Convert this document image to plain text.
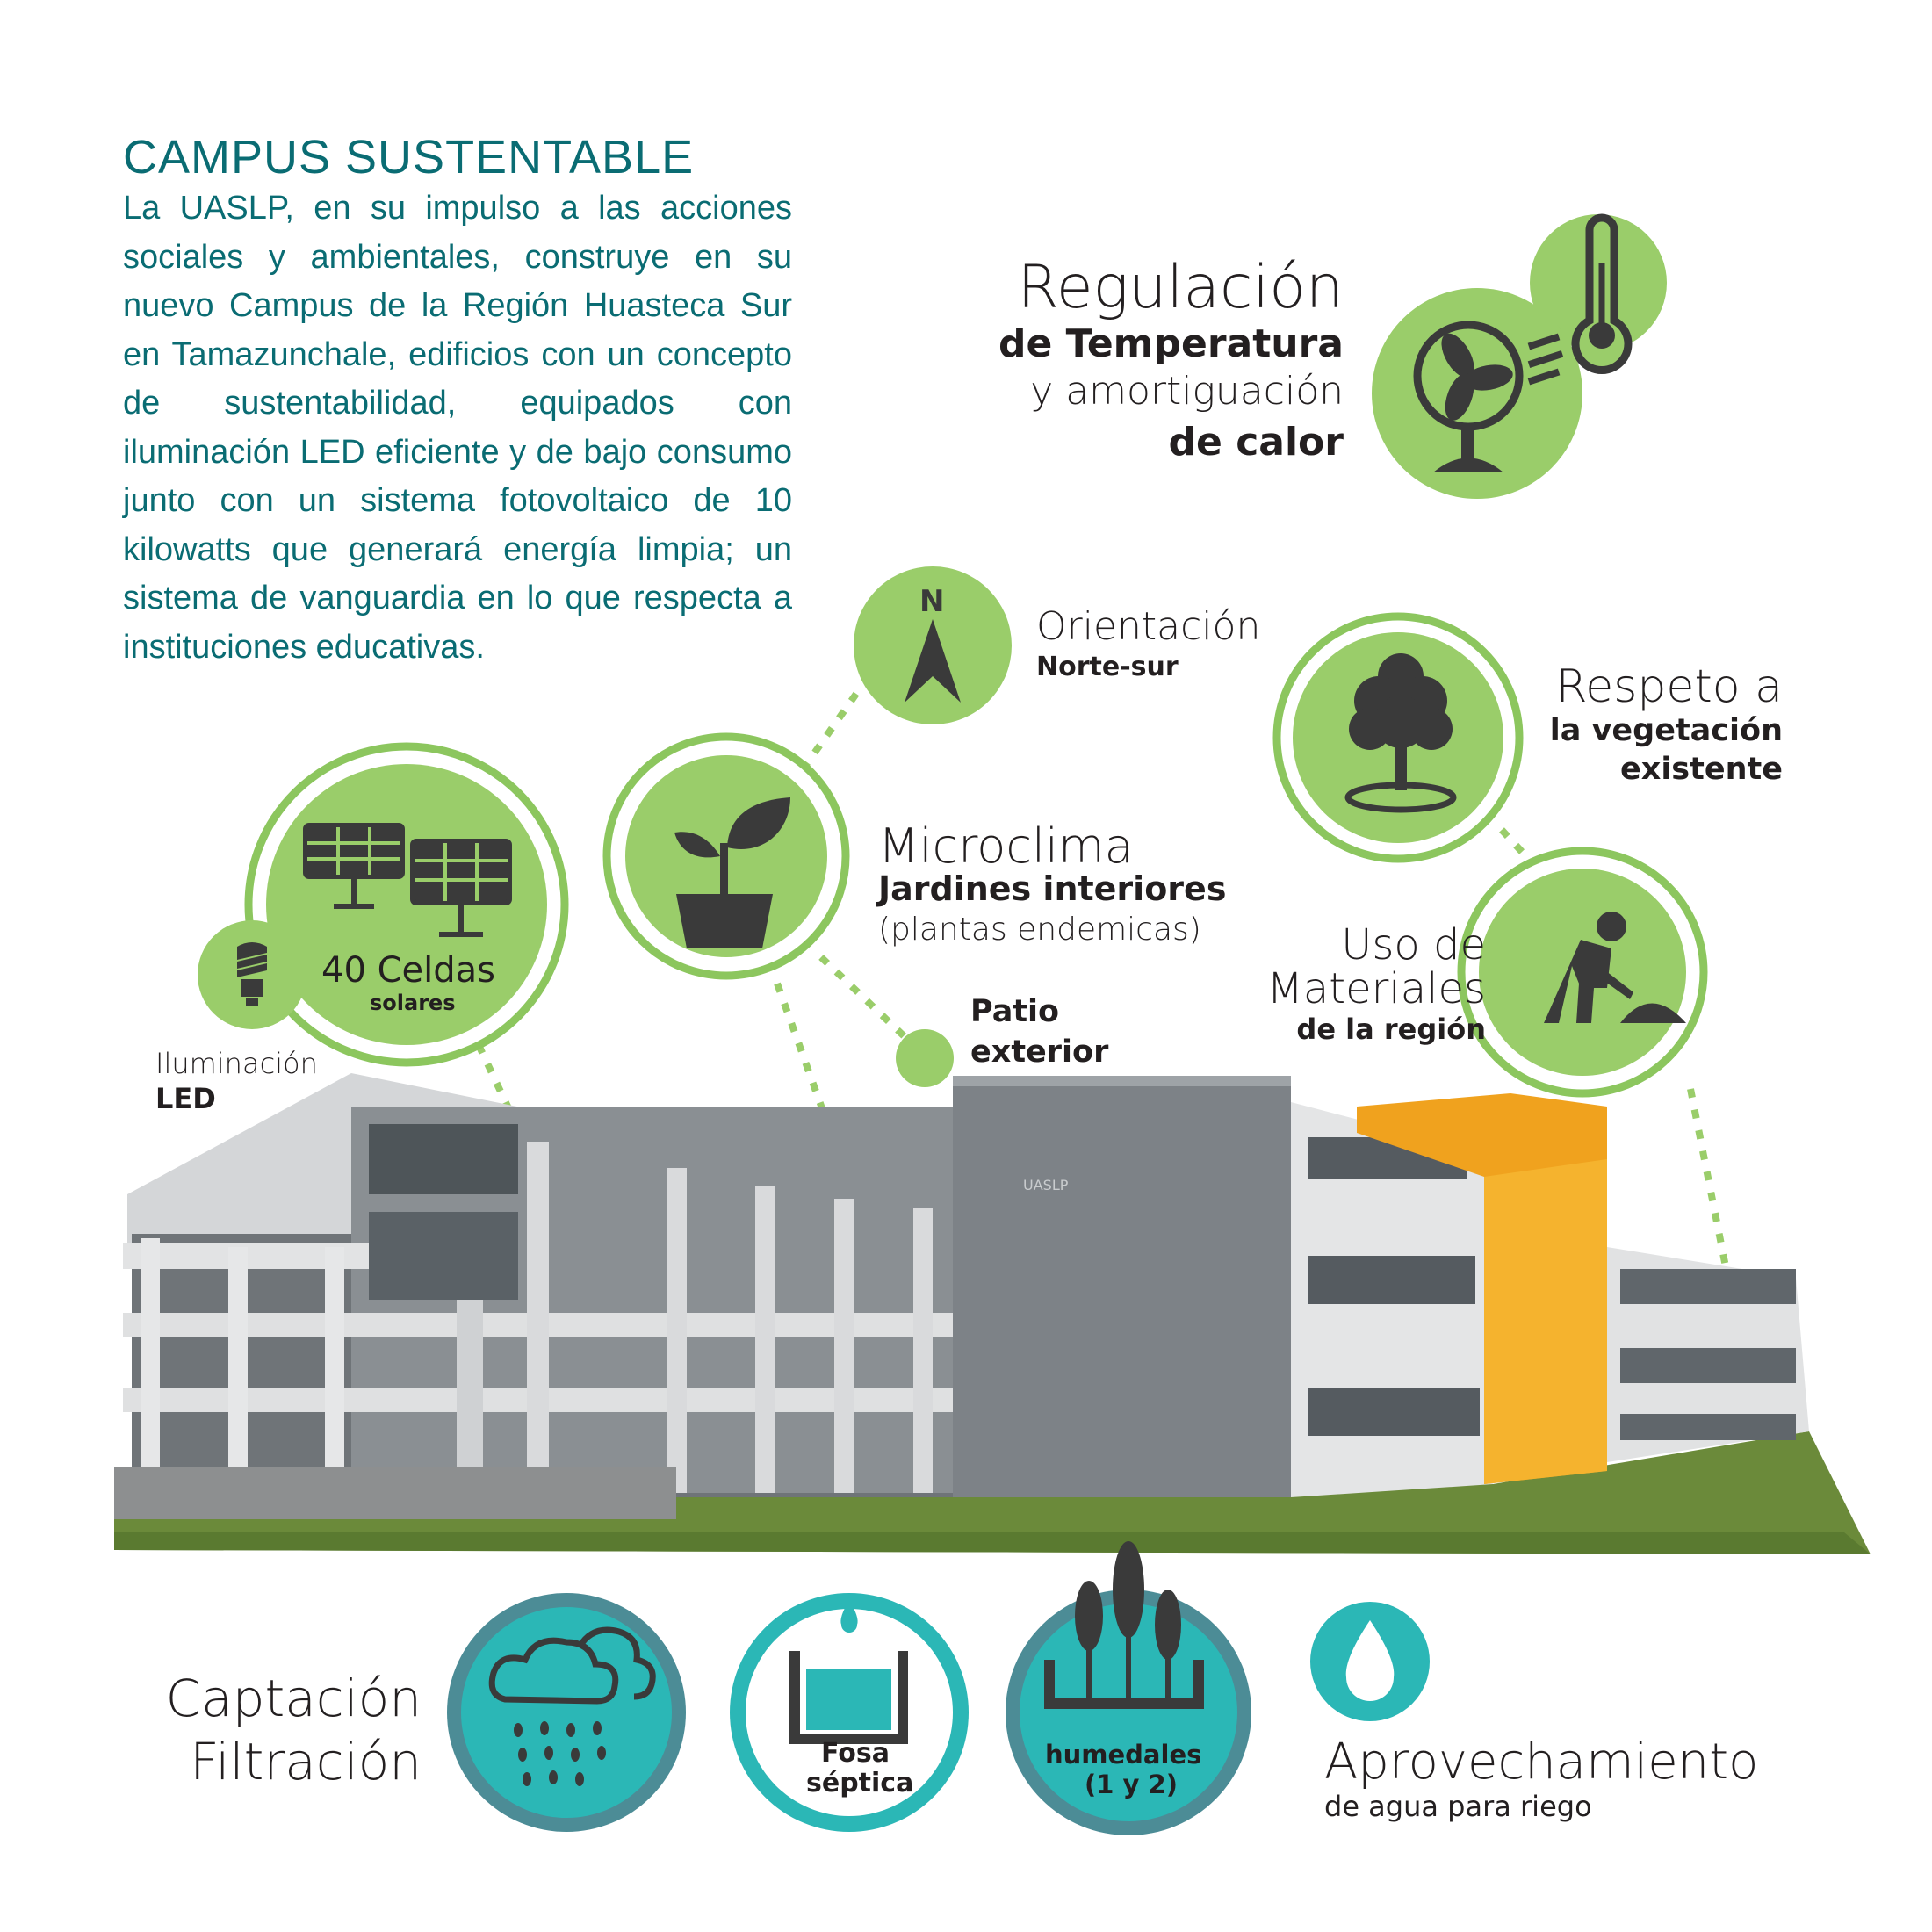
CAMPUS SUSTENTABLE
La UASLP, en su impulso a las acciones sociales y ambientales, construye en su nuevo Campus de la Región Huasteca Sur en Tamazunchale, edificios con un concepto de sustentabilidad, equipados con iluminación LED eficiente y de bajo consumo junto con un sistema fotovoltaico de 10 kilowatts que generará energía limpia; un sistema de vanguardia en lo que respecta a instituciones educativas.
UASLP
N
40 Celdas
solares
Fosa
séptica
humedales
(1 y 2)
Regulación
de Temperatura
y amortiguación
de calor
Orientación
Norte-sur	Respeto a
la vegetación
existente
Microclima
Jardines interiores
(plantas endemicas)
Patio
exterior
Uso de
Materiales
de la región
Iluminación
LED
Captación
Filtración	Aprovechamiento
de agua para riego
